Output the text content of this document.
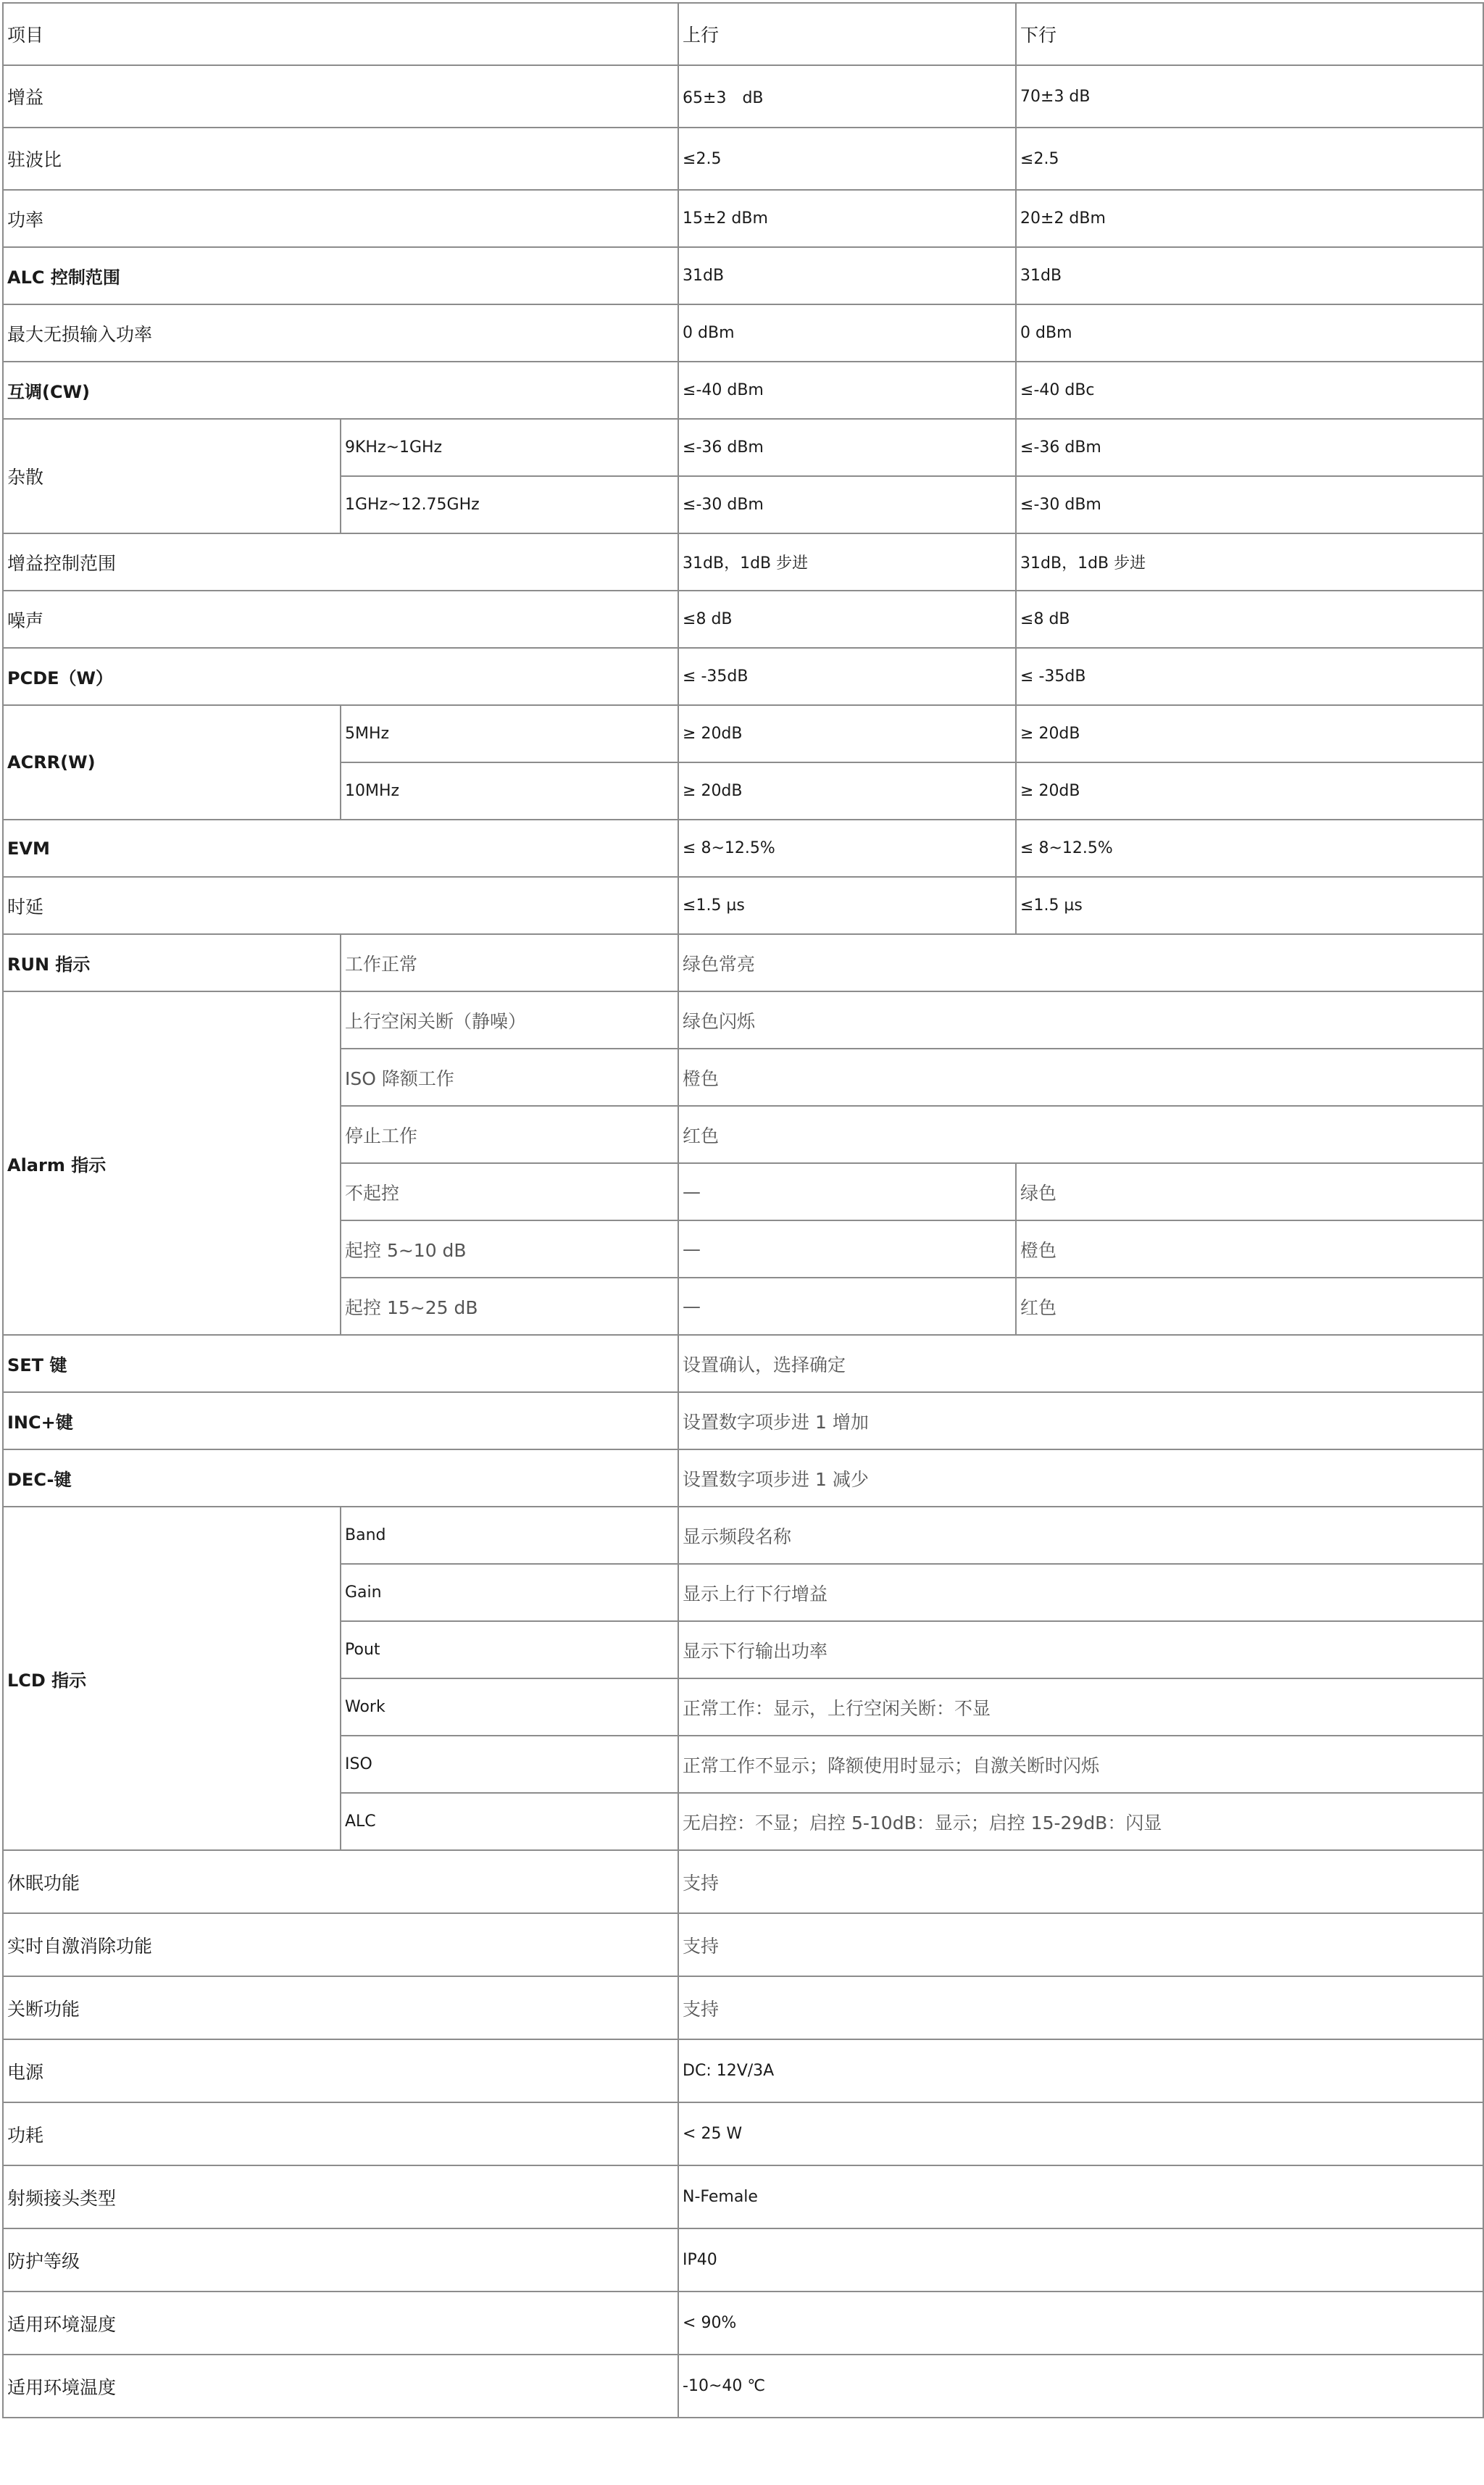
项目		上行	下行
增益		65±3　dB	70±3 dB
驻波比		≤2.5	≤2.5
功率		15±2 dBm	20±2 dBm
ALC 控制范围		31dB	31dB
最大无损输入功率		0 dBm	0 dBm
互调(CW)		≤-40 dBm	≤-40 dBc
杂散	9KHz~1GHz	≤-36 dBm	≤-36 dBm
	1GHz~12.75GHz	≤-30 dBm	≤-30 dBm
增益控制范围		31dB，1dB 步进	31dB，1dB 步进
噪声		≤8 dB	≤8 dB
PCDE（W）		≤ -35dB	≤ -35dB
ACRR(W)	5MHz	≥ 20dB	≥ 20dB
	10MHz	≥ 20dB	≥ 20dB
EVM		≤ 8~12.5%	≤ 8~12.5%
时延		≤1.5 µs	≤1.5 µs
RUN 指示	工作正常	绿色常亮	
Alarm 指示	上行空闲关断（静噪）	绿色闪烁	
	ISO 降额工作	橙色	
	停止工作	红色	
	不起控	—	绿色
	起控 5~10 dB	—	橙色
	起控 15~25 dB	—	红色
SET 键		设置确认，选择确定	
INC+键		设置数字项步进 1 增加	
DEC-键		设置数字项步进 1 减少	
LCD 指示	Band	显示频段名称	
	Gain	显示上行下行增益	
	Pout	显示下行输出功率	
	Work	正常工作：显示，上行空闲关断：不显	
	ISO	正常工作不显示；降额使用时显示；自激关断时闪烁	
	ALC	无启控：不显；启控 5-10dB：显示；启控 15-29dB：闪显	
休眠功能		支持	
实时自激消除功能		支持	
关断功能		支持	
电源		DC: 12V/3A	
功耗		< 25 W	
射频接头类型		N-Female	
防护等级		IP40	
适用环境湿度		< 90%	
适用环境温度		-10~40 ℃	
